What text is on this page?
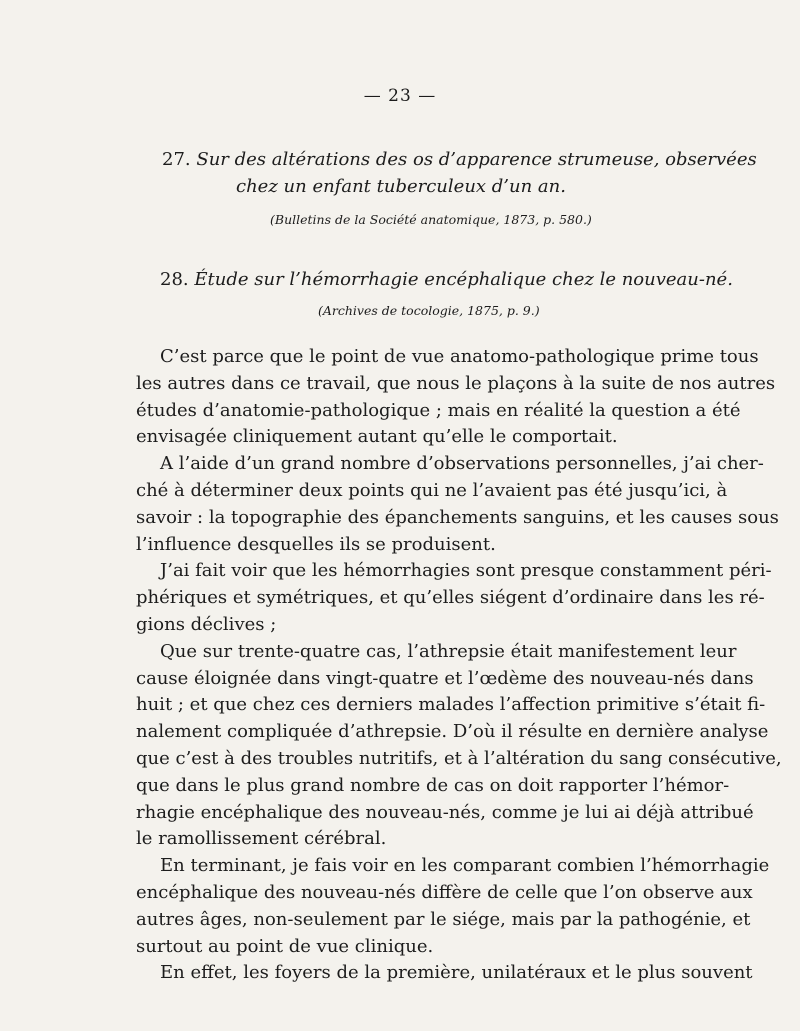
— 23 —
27. Sur des altérations des os d’apparence strumeuse, observées
chez un enfant tuberculeux d’un an.
(Bulletins de la Société anatomique, 1873, p. 580.)
28. Étude sur l’hémorrhagie encéphalique chez le nouveau-né.
(Archives de tocologie, 1875, p. 9.)
C’est parce que le point de vue anatomo-pathologique prime tous
les autres dans ce travail, que nous le plaçons à la suite de nos autres
études d’anatomie-pathologique ; mais en réalité la question a été
envisagée cliniquement autant qu’elle le comportait.
A l’aide d’un grand nombre d’observations personnelles, j’ai cher-
ché à déterminer deux points qui ne l’avaient pas été jusqu’ici, à
savoir : la topographie des épanchements sanguins, et les causes sous
l’influence desquelles ils se produisent.
J’ai fait voir que les hémorrhagies sont presque constamment péri-
phériques et symétriques, et qu’elles siégent d’ordinaire dans les ré-
gions déclives ;
Que sur trente-quatre cas, l’athrepsie était manifestement leur
cause éloignée dans vingt-quatre et l’œdème des nouveau-nés dans
huit ; et que chez ces derniers malades l’affection primitive s’était fi-
nalement compliquée d’athrepsie. D’où il résulte en dernière analyse
que c’est à des troubles nutritifs, et à l’altération du sang consécutive,
que dans le plus grand nombre de cas on doit rapporter l’hémor-
rhagie encéphalique des nouveau-nés, comme je lui ai déjà attribué
le ramollissement cérébral.
En terminant, je fais voir en les comparant combien l’hémorrhagie
encéphalique des nouveau-nés diffère de celle que l’on observe aux
autres âges, non-seulement par le siége, mais par la pathogénie, et
surtout au point de vue clinique.
En effet, les foyers de la première, unilatéraux et le plus souvent
